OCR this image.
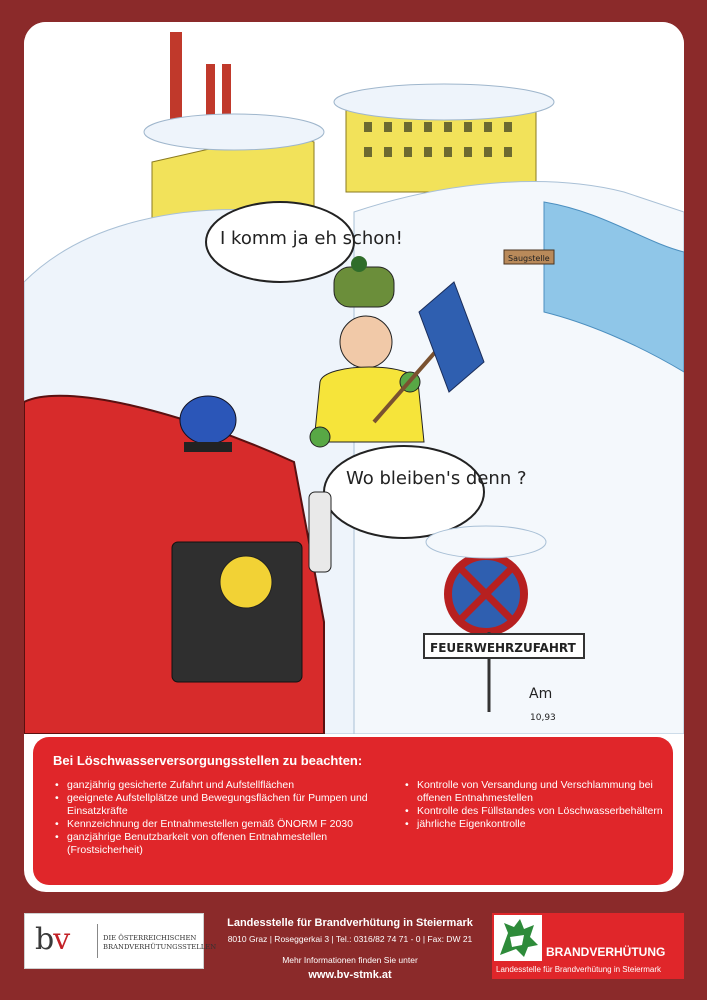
Saugstelle
I komm ja eh schon!
Wo bleiben's denn ?
FEUERWEHRZUFAHRT
Am
10,93
Bei Löschwasserversorgungsstellen zu beachten:
• ganzjährig gesicherte Zufahrt und Aufstellflächen
• geeignete Aufstellplätze und Bewegungsflächen für Pumpen und Einsatzkräfte
• Kennzeichnung der Entnahmestellen gemäß ÖNORM F 2030
• ganzjährige Benutzbarkeit von offenen Entnahmestellen (Frostsicherheit)
• Kontrolle von Versandung und Verschlammung bei offenen Entnahmestellen
• Kontrolle des Füllstandes von Löschwasserbehältern
• jährliche Eigenkontrolle
bv	DIE ÖSTERREICHISCHEN
BRANDVERHÜTUNGSSTELLEN
Landesstelle für Brandverhütung in Steiermark
8010 Graz | Roseggerkai 3 | Tel.: 0316/82 74 71 - 0 | Fax: DW 21
Mehr Informationen finden Sie unter
www.bv-stmk.at
BRANDVERHÜTUNG
Landesstelle für Brandverhütung in Steiermark
